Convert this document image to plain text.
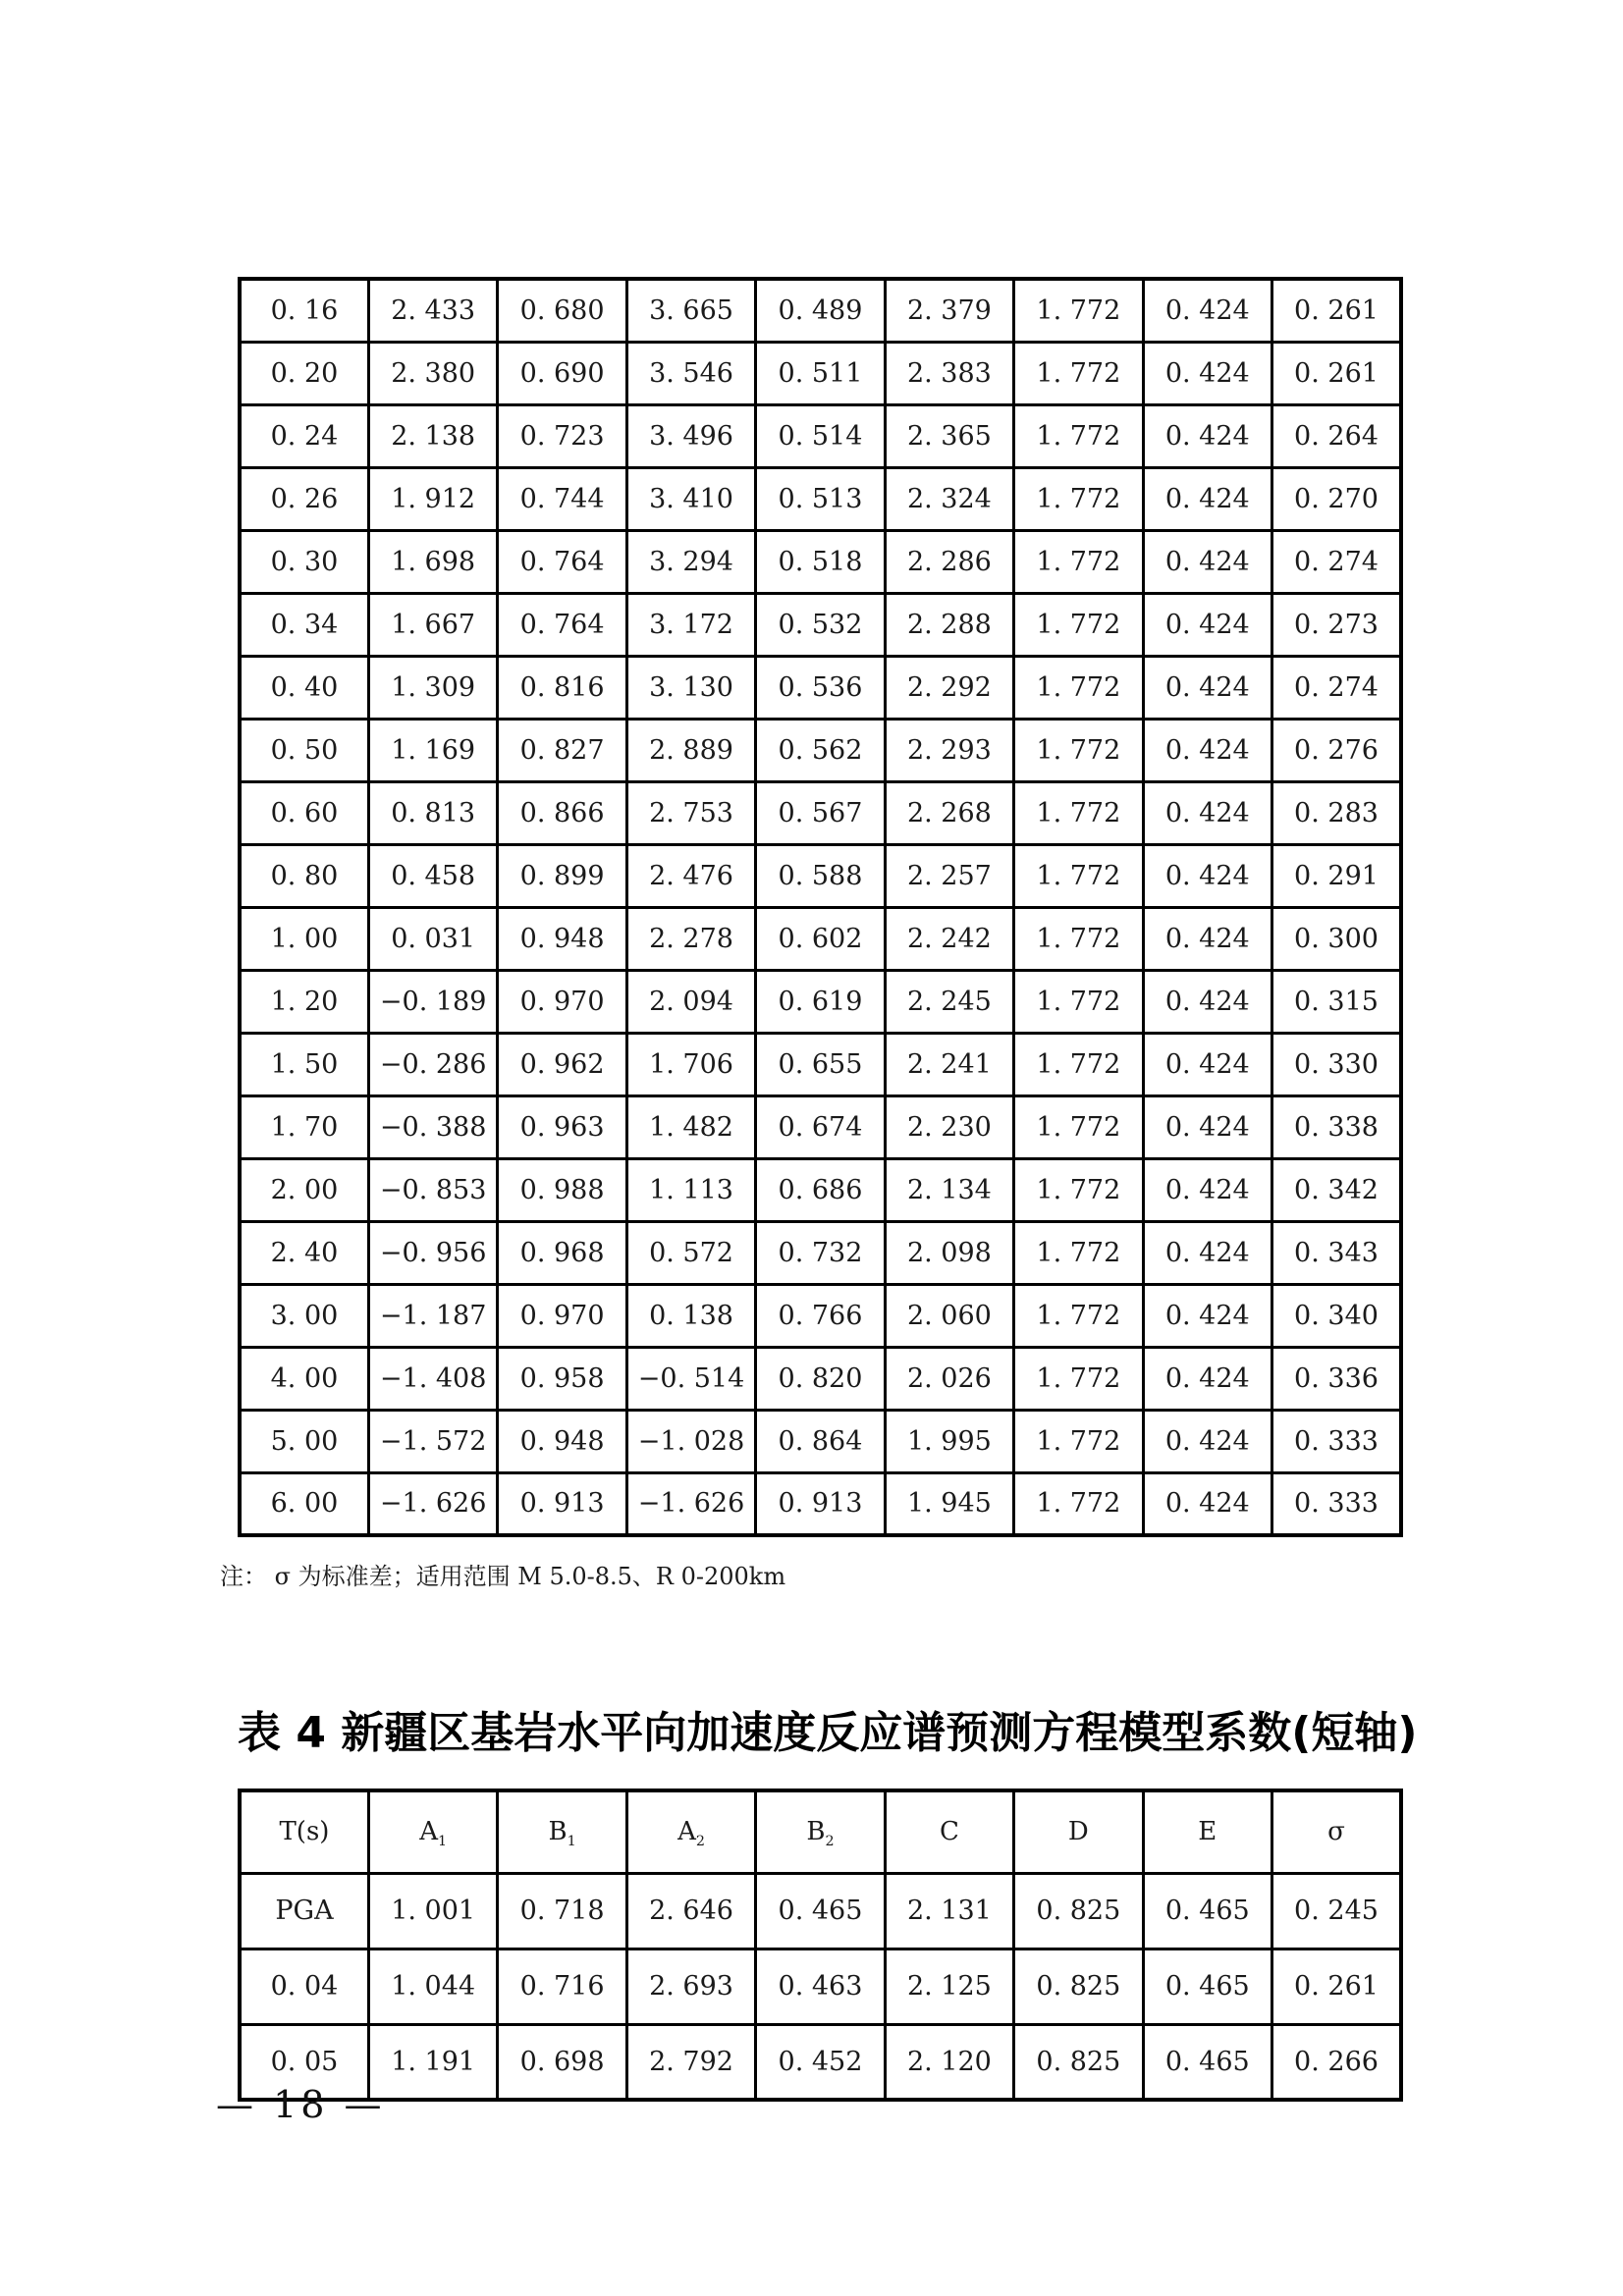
0. 16	2. 433	0. 680	3. 665	0. 489	2. 379	1. 772	0. 424	0. 261
0. 20	2. 380	0. 690	3. 546	0. 511	2. 383	1. 772	0. 424	0. 261
0. 24	2. 138	0. 723	3. 496	0. 514	2. 365	1. 772	0. 424	0. 264
0. 26	1. 912	0. 744	3. 410	0. 513	2. 324	1. 772	0. 424	0. 270
0. 30	1. 698	0. 764	3. 294	0. 518	2. 286	1. 772	0. 424	0. 274
0. 34	1. 667	0. 764	3. 172	0. 532	2. 288	1. 772	0. 424	0. 273
0. 40	1. 309	0. 816	3. 130	0. 536	2. 292	1. 772	0. 424	0. 274
0. 50	1. 169	0. 827	2. 889	0. 562	2. 293	1. 772	0. 424	0. 276
0. 60	0. 813	0. 866	2. 753	0. 567	2. 268	1. 772	0. 424	0. 283
0. 80	0. 458	0. 899	2. 476	0. 588	2. 257	1. 772	0. 424	0. 291
1. 00	0. 031	0. 948	2. 278	0. 602	2. 242	1. 772	0. 424	0. 300
1. 20	−0. 189	0. 970	2. 094	0. 619	2. 245	1. 772	0. 424	0. 315
1. 50	−0. 286	0. 962	1. 706	0. 655	2. 241	1. 772	0. 424	0. 330
1. 70	−0. 388	0. 963	1. 482	0. 674	2. 230	1. 772	0. 424	0. 338
2. 00	−0. 853	0. 988	1. 113	0. 686	2. 134	1. 772	0. 424	0. 342
2. 40	−0. 956	0. 968	0. 572	0. 732	2. 098	1. 772	0. 424	0. 343
3. 00	−1. 187	0. 970	0. 138	0. 766	2. 060	1. 772	0. 424	0. 340
4. 00	−1. 408	0. 958	−0. 514	0. 820	2. 026	1. 772	0. 424	0. 336
5. 00	−1. 572	0. 948	−1. 028	0. 864	1. 995	1. 772	0. 424	0. 333
6. 00	−1. 626	0. 913	−1. 626	0. 913	1. 945	1. 772	0. 424	0. 333
注： σ 为标准差；适用范围 M 5.0-8.5、R 0-200km
表 4 新疆区基岩水平向加速度反应谱预测方程模型系数(短轴)
T(s)	$A_1$	$B_1$	$A_2$	$B_2$	C	D	E	σ
PGA	1. 001	0. 718	2. 646	0. 465	2. 131	0. 825	0. 465	0. 245
0. 04	1. 044	0. 716	2. 693	0. 463	2. 125	0. 825	0. 465	0. 261
0. 05	1. 191	0. 698	2. 792	0. 452	2. 120	0. 825	0. 465	0. 266
— 18 —
